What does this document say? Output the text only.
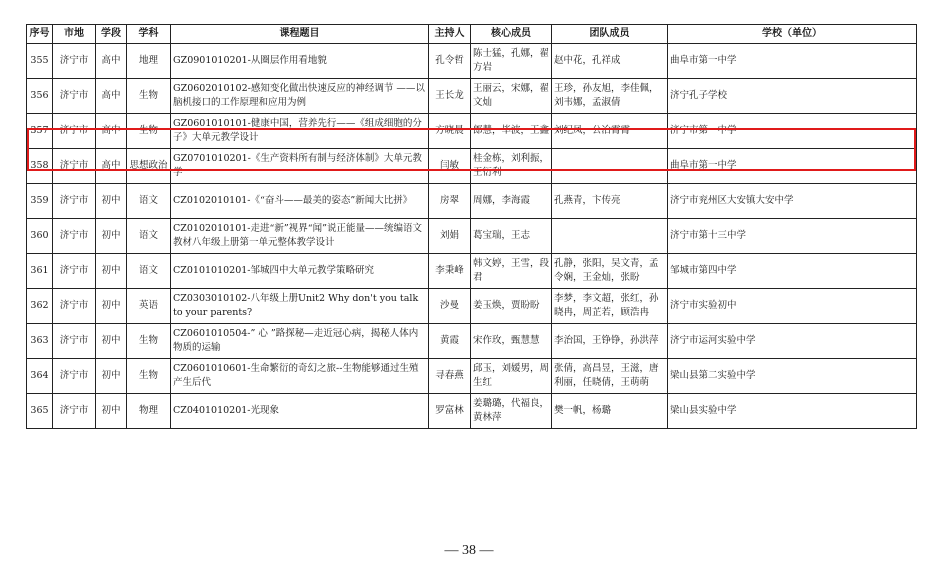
序号	市地	学段	学科	课程题目	主持人	核心成员	团队成员	学校（单位）
355	济宁市	高中	地理	GZ0901010201-从圈层作用看地貌	孔令哲	陈士猛，孔娜，翟方岩	赵中花，孔祥成	曲阜市第一中学
356	济宁市	高中	生物	GZ0602010102-感知变化做出快速反应的神经调节 ——以脑机接口的工作原理和应用为例	王长龙	王丽云，宋娜，翟文灿	王珍，孙友旭，李佳佩，刘韦娜，孟淑倩	济宁孔子学校
357	济宁市	高中	生物	GZ0601010101-健康中国，营养先行——《组成细胞的分子》大单元教学设计	方晓晨	郎慧，毕波，王鑫	刘纪凤，公冶霄霄	济宁市第一中学
358	济宁市	高中	思想政治	GZ0701010201-《生产资料所有制与经济体制》大单元教学	闫敏	桂金栋，刘利振，王衍利		曲阜市第一中学
359	济宁市	初中	语文	CZ0102010101-《“奋斗——最美的姿态”新闻大比拼》	房翠	周娜，李海霞	孔燕青，卞传亮	济宁市兖州区大安镇大安中学
360	济宁市	初中	语文	CZ0102010101-走进“新”视界“闻”说正能量——统编语文教材八年级上册第一单元整体教学设计	刘娟	葛宝瑞，王志		济宁市第十三中学
361	济宁市	初中	语文	CZ0101010201-邹城四中大单元教学策略研究	李秉峰	韩文婷，王雪，段君	孔静，张阳，吴文青，孟令娴，王金灿，张盼	邹城市第四中学
362	济宁市	初中	英语	CZ0303010102-八年级上册Unit2 Why don't you talk to your parents?	沙曼	姜玉焕，贾盼盼	李梦，李文超，张红，孙晓冉，周芷若，顾浩冉	济宁市实验初中
363	济宁市	初中	生物	CZ0601010504-” 心 ”路探秘—走近冠心病，揭秘人体内物质的运输	黄霞	宋作玫，甄慧慧	李治国，王铮铮，孙洪萍	济宁市运河实验中学
364	济宁市	初中	生物	CZ0601010601-生命繁衍的奇幻之旅--生物能够通过生殖产生后代	寻春燕	邱玉，刘媛男，周生红	张倩，高昌昱，王滋，唐利丽，任晓倩，王萌萌	梁山县第二实验中学
365	济宁市	初中	物理	CZ0401010201-光现象	罗富林	姜璐璐，代福良，黄林萍	樊一帆，杨璐	梁山县实验中学
— 38 —
